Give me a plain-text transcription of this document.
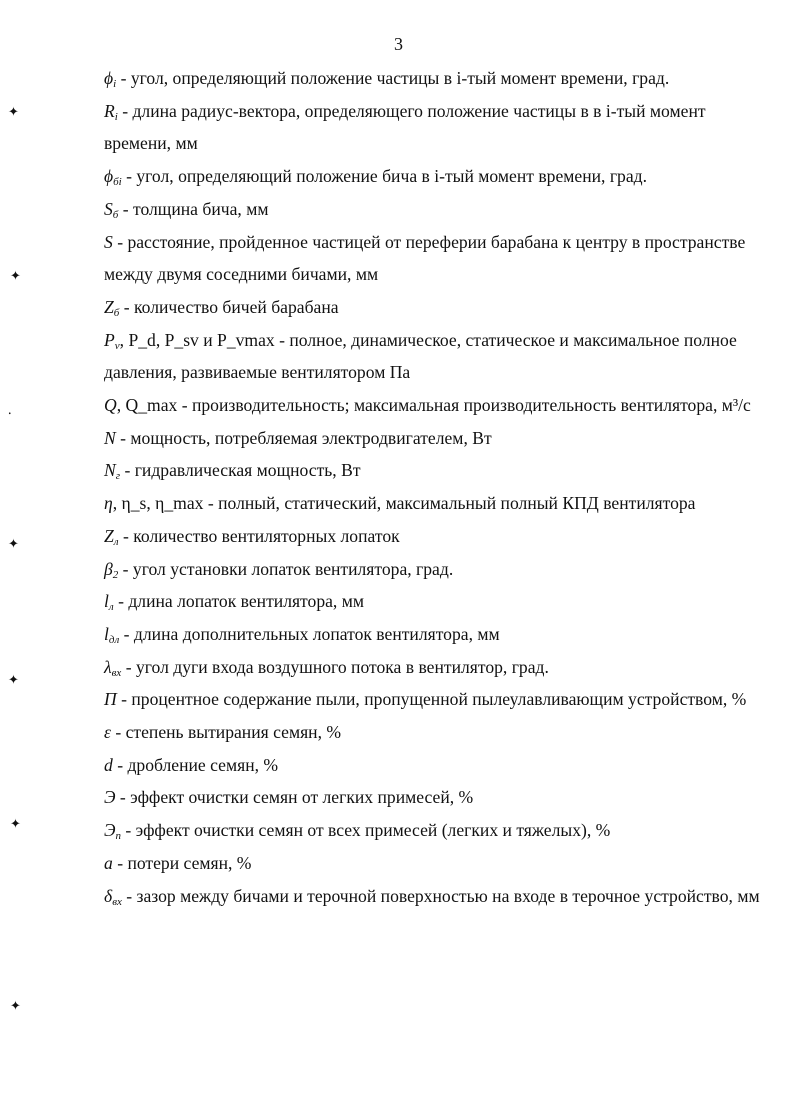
3

$\phi_i$ - угол, определяющий положение частицы в i-тый момент времени, град.

$R_i$ - длина радиус-вектора, определяющего положение частицы в в i-тый момент времени, мм

$\phi_{бi}$ - угол, определяющий положение бича в i-тый момент времени, град.

$S_б$ - толщина бича, мм

S - расстояние, пройденное частицей от переферии барабана к центру в пространстве между двумя соседними бичами, мм

$Z_б$ - количество бичей барабана

$P_v$, P_d, P_sv и P_vmax - полное, динамическое, статическое и максимальное полное давления, развиваемые вентилятором Па

Q, Q_max - производительность; максимальная производительность вентилятора, м³/с

N - мощность, потребляемая электродвигателем, Вт

$N_г$ - гидравлическая мощность, Вт

η, η_s, η_max - полный, статический, максимальный полный КПД вентилятора

$Z_л$ - количество вентиляторных лопаток

$\beta_2$ - угол установки лопаток вентилятора, град.

$l_л$ - длина лопаток вентилятора, мм

$l_{дл}$ - длина дополнительных лопаток вентилятора, мм

$\lambda_{вх}$ - угол дуги входа воздушного потока в вентилятор, град.

П - процентное содержание пыли, пропущенной пылеулавливающим устройством, %

ε - степень вытирания семян, %

d - дробление семян, %

Э - эффект очистки семян от легких примесей, %

$Э_п$ - эффект очистки семян от всех примесей (легких и тяжелых), %

a - потери семян, %

$\delta_{вх}$ - зазор между бичами и терочной поверхностью на входе в терочное устройство, мм

✦
✦
⸱
✦
✦
✦
✦
